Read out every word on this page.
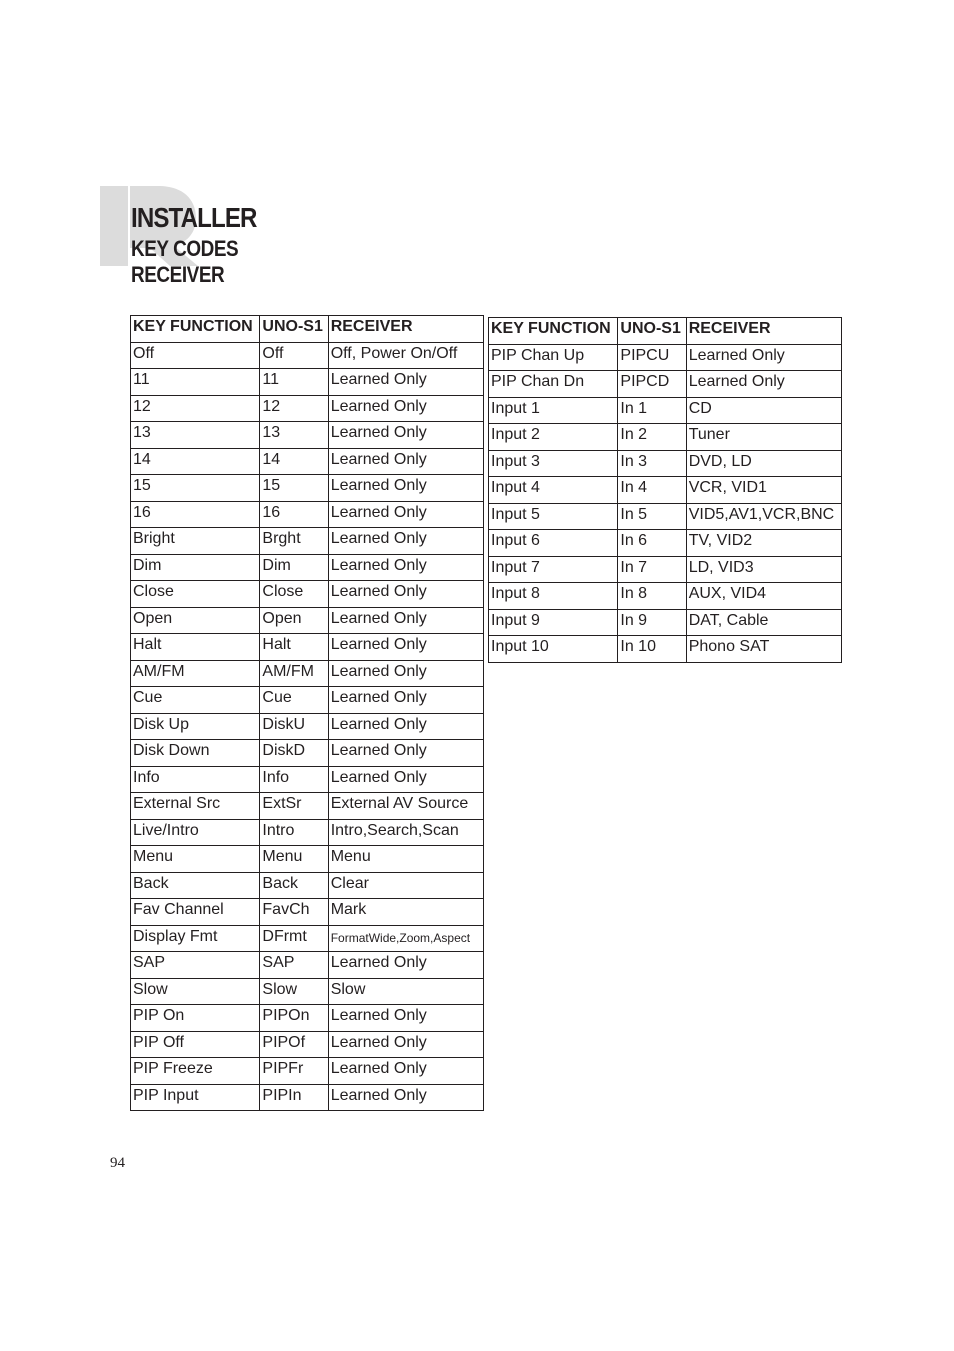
INSTALLER
KEY CODES
RECEIVER
KEY FUNCTION	UNO-S1	RECEIVER
Off	Off	Off, Power On/Off
11	11	Learned Only
12	12	Learned Only
13	13	Learned Only
14	14	Learned Only
15	15	Learned Only
16	16	Learned Only
Bright	Brght	Learned Only
Dim	Dim	Learned Only
Close	Close	Learned Only
Open	Open	Learned Only
Halt	Halt	Learned Only
AM/FM	AM/FM	Learned Only
Cue	Cue	Learned Only
Disk Up	DiskU	Learned Only
Disk Down	DiskD	Learned Only
Info	Info	Learned Only
External Src	ExtSr	External AV Source
Live/Intro	Intro	Intro,Search,Scan
Menu	Menu	Menu
Back	Back	Clear
Fav Channel	FavCh	Mark
Display Fmt	DFrmt	FormatWide,Zoom,Aspect
SAP	SAP	Learned Only
Slow	Slow	Slow
PIP On	PIPOn	Learned Only
PIP Off	PIPOf	Learned Only
PIP Freeze	PIPFr	Learned Only
PIP Input	PIPIn	Learned Only
KEY FUNCTION	UNO-S1	RECEIVER
PIP Chan Up	PIPCU	Learned Only
PIP Chan Dn	PIPCD	Learned Only
Input 1	In 1	CD
Input 2	In 2	Tuner
Input 3	In 3	DVD, LD
Input 4	In 4	VCR, VID1
Input 5	In 5	VID5,AV1,VCR,BNC
Input 6	In 6	TV, VID2
Input 7	In 7	LD, VID3
Input 8	In 8	AUX, VID4
Input 9	In 9	DAT, Cable
Input 10	In 10	Phono SAT
94
